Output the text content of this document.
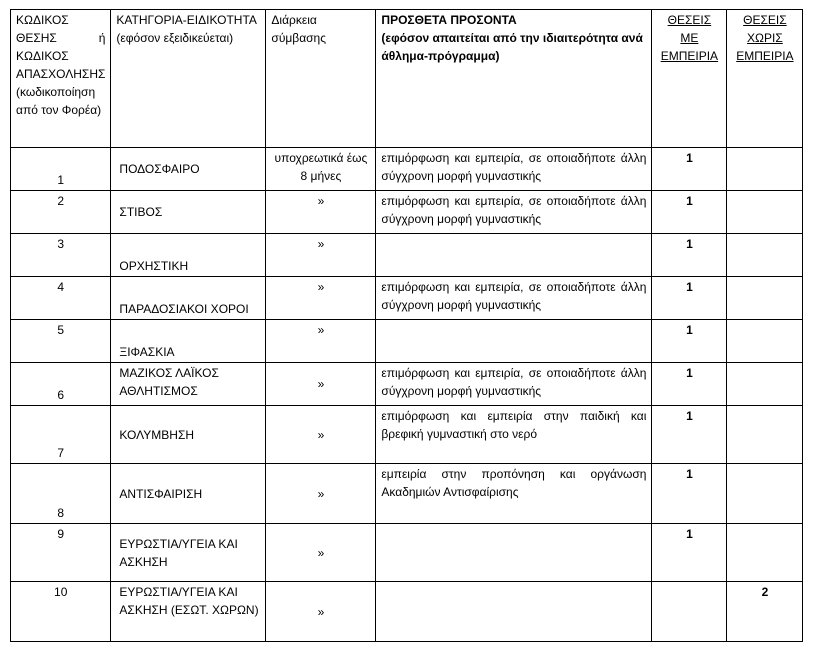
ΚΩΔΙΚΟΣ ΘΕΣΗΣ ή ΚΩΔΙΚΟΣ ΑΠΑΣΧΟΛΗΣΗΣ (κωδικοποίηση από τον Φορέα)	ΚΑΤΗΓΟΡΙΑ-ΕΙΔΙΚΟΤΗΤΑ (εφόσον εξειδικεύεται)	Διάρκεια σύμβασης	ΠΡΟΣΘΕΤΑ ΠΡΟΣΟΝΤΑ
(εφόσον απαιτείται από την ιδιαιτερότητα ανά άθλημα-πρόγραμμα)	ΘΕΣΕΙΣ ΜΕ ΕΜΠΕΙΡΙΑ	ΘΕΣΕΙΣ ΧΩΡΙΣ ΕΜΠΕΙΡΙΑ
1	ΠΟΔΟΣΦΑΙΡΟ	υποχρεωτικά έως 8 μήνες	επιμόρφωση και εμπειρία, σε οποιαδήποτε άλλη σύγχρονη μορφή γυμναστικής	1	
2	ΣΤΙΒΟΣ	»	επιμόρφωση και εμπειρία, σε οποιαδήποτε άλλη σύγχρονη μορφή γυμναστικής	1	
3	ΟΡΧΗΣΤΙΚΗ	»		1	
4	ΠΑΡΑΔΟΣΙΑΚΟΙ ΧΟΡΟΙ	»	επιμόρφωση και εμπειρία, σε οποιαδήποτε άλλη σύγχρονη μορφή γυμναστικής	1	
5	ΞΙΦΑΣΚΙΑ	»		1	
6	ΜΑΖΙΚΟΣ ΛΑΪΚΟΣ ΑΘΛΗΤΙΣΜΟΣ	»	επιμόρφωση και εμπειρία, σε οποιαδήποτε άλλη σύγχρονη μορφή γυμναστικής	1	
7	ΚΟΛΥΜΒΗΣΗ	»	επιμόρφωση και εμπειρία στην παιδική και βρεφική γυμναστική στο νερό	1	
8	ΑΝΤΙΣΦΑΙΡΙΣΗ	»	εμπειρία στην προπόνηση και οργάνωση Ακαδημιών Αντισφαίρισης	1	
9	ΕΥΡΩΣΤΙΑ/ΥΓΕΙΑ ΚΑΙ ΑΣΚΗΣΗ	»		1	
10	ΕΥΡΩΣΤΙΑ/ΥΓΕΙΑ ΚΑΙ ΑΣΚΗΣΗ (ΕΣΩΤ. ΧΩΡΩΝ)	»			2
